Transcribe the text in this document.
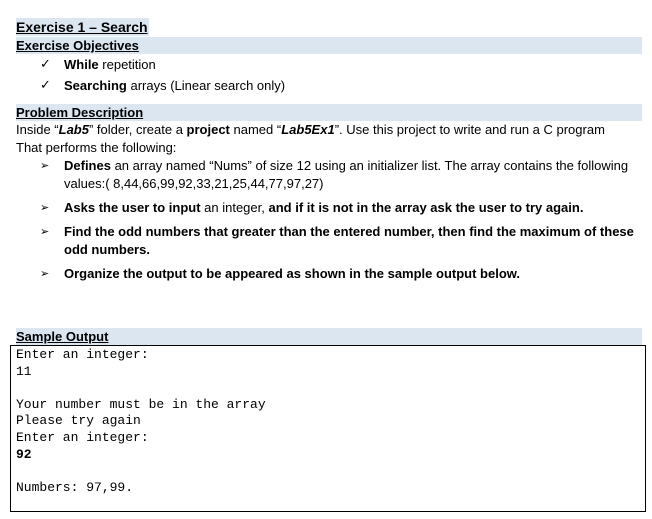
Exercise 1 – Search
Exercise Objectives
✓ While repetition
✓ Searching arrays (Linear search only)
Problem Description
Inside “Lab5” folder, create a project named “Lab5Ex1”. Use this project to write and run a C program
That performs the following:
➢ Defines an array named “Nums” of size 12 using an initializer list. The array contains the following values:( 8,44,66,99,92,33,21,25,44,77,97,27)
➢ Asks the user to input an integer, and if it is not in the array ask the user to try again.
➢ Find the odd numbers that greater than the entered number, then find the maximum of these odd numbers.
➢ Organize the output to be appeared as shown in the sample output below.
Sample Output
Enter an integer:
11
Your number must be in the array
Please try again
Enter an integer:
92
Numbers: 97,99.
